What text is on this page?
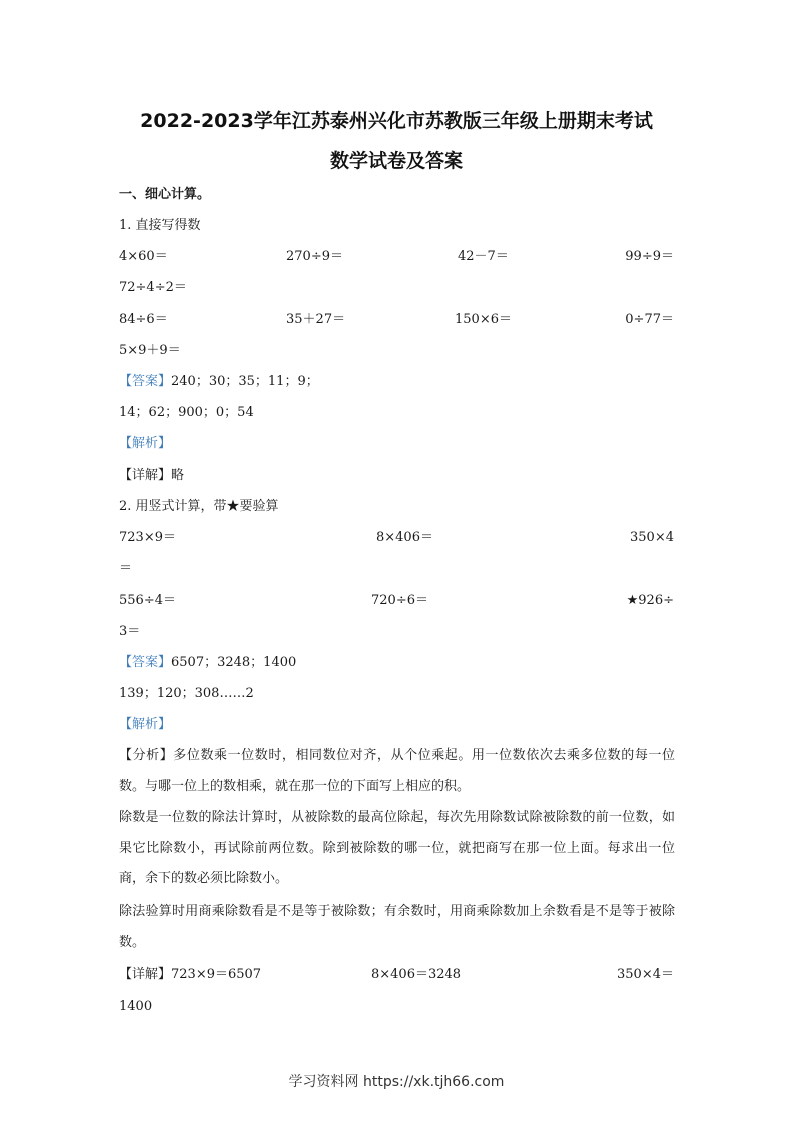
2022-2023学年江苏泰州兴化市苏教版三年级上册期末考试
数学试卷及答案
一、细心计算。
1. 直接写得数
4×60＝	270÷9＝	42－7＝	99÷9＝
72÷4÷2＝
84÷6＝	35＋27＝	150×6＝	0÷77＝
5×9＋9＝
【答案】240；30；35；11；9；
14；62；900；0；54
【解析】
【详解】略
2. 用竖式计算，带★要验算
723×9＝	8×406＝	350×4
＝
556÷4＝	720÷6＝	★926÷
3＝
【答案】6507；3248；1400
139；120；308……2
【解析】
【分析】多位数乘一位数时，相同数位对齐，从个位乘起。用一位数依次去乘多位数的每一位数。与哪一位上的数相乘，就在那一位的下面写上相应的积。
除数是一位数的除法计算时，从被除数的最高位除起，每次先用除数试除被除数的前一位数，如果它比除数小，再试除前两位数。除到被除数的哪一位，就把商写在那一位上面。每求出一位商，余下的数必须比除数小。
除法验算时用商乘除数看是不是等于被除数；有余数时，用商乘除数加上余数看是不是等于被除数。
【详解】723×9＝6507	8×406＝3248	350×4＝
1400
学习资料网 https://xk.tjh66.com
